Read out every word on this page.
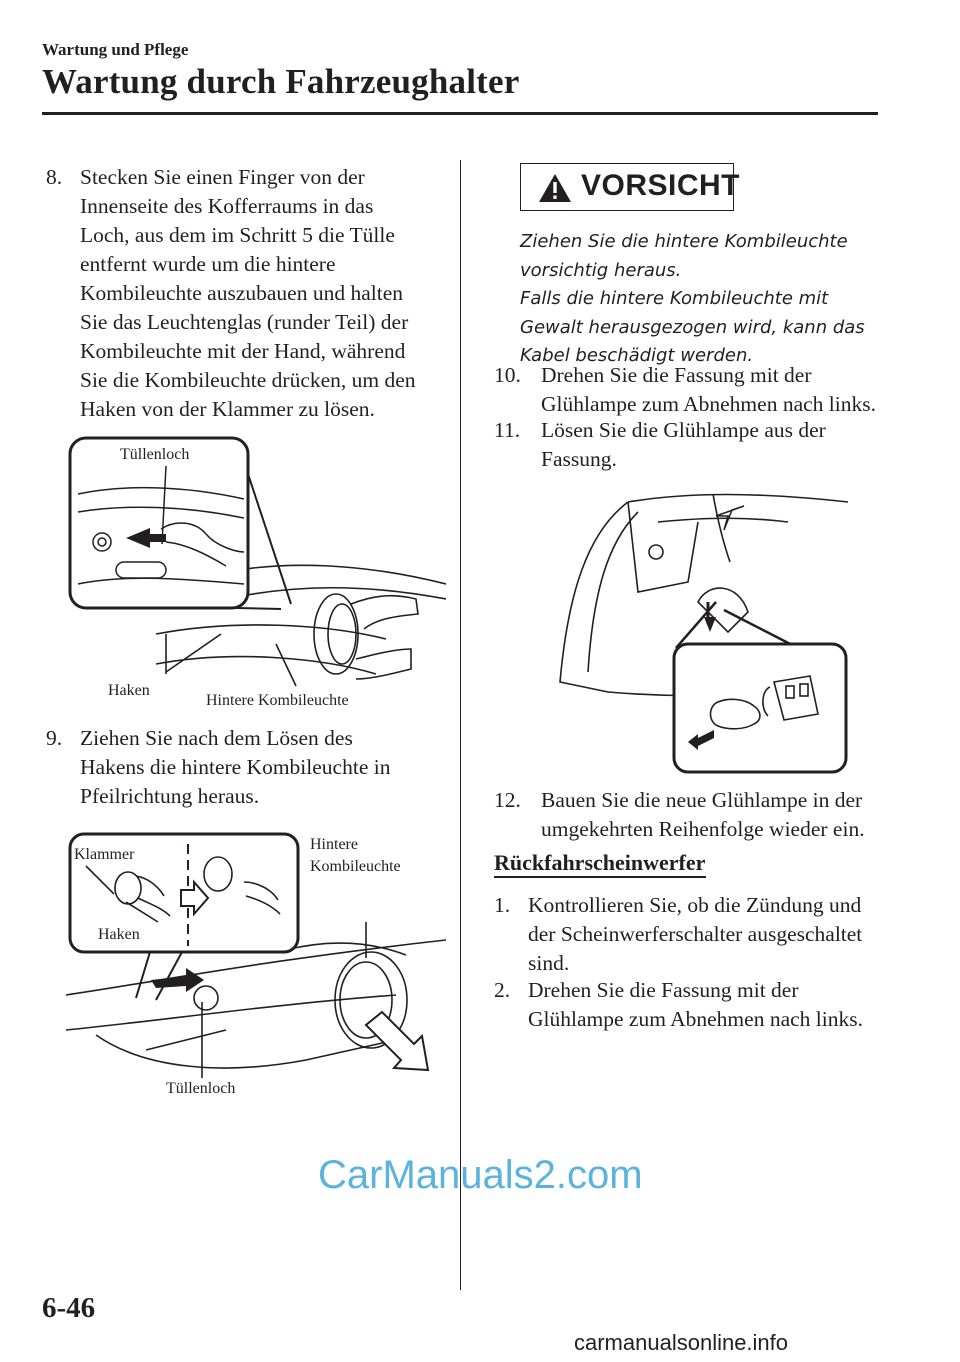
Wartung und Pflege
Wartung durch Fahrzeughalter
8. Stecken Sie einen Finger von der
Innenseite des Kofferraums in das
Loch, aus dem im Schritt 5 die Tülle
entfernt wurde um die hintere
Kombileuchte auszubauen und halten
Sie das Leuchtenglas (runder Teil) der
Kombileuchte mit der Hand, während
Sie die Kombileuchte drücken, um den
Haken von der Klammer zu lösen.
Tüllenloch
Haken
Hintere Kombileuchte
9. Ziehen Sie nach dem Lösen des
Hakens die hintere Kombileuchte in
Pfeilrichtung heraus.
Klammer
Haken
Hintere
Kombileuchte
Tüllenloch
VORSICHT
Ziehen Sie die hintere Kombileuchte
vorsichtig heraus.
Falls die hintere Kombileuchte mit
Gewalt herausgezogen wird, kann das
Kabel beschädigt werden.
10. Drehen Sie die Fassung mit der
Glühlampe zum Abnehmen nach links.
11. Lösen Sie die Glühlampe aus der
Fassung.
12. Bauen Sie die neue Glühlampe in der
umgekehrten Reihenfolge wieder ein.
Rückfahrscheinwerfer
1. Kontrollieren Sie, ob die Zündung und
der Scheinwerferschalter ausgeschaltet
sind.
2. Drehen Sie die Fassung mit der
Glühlampe zum Abnehmen nach links.
CarManuals2.com
6-46
carmanualsonline.info
